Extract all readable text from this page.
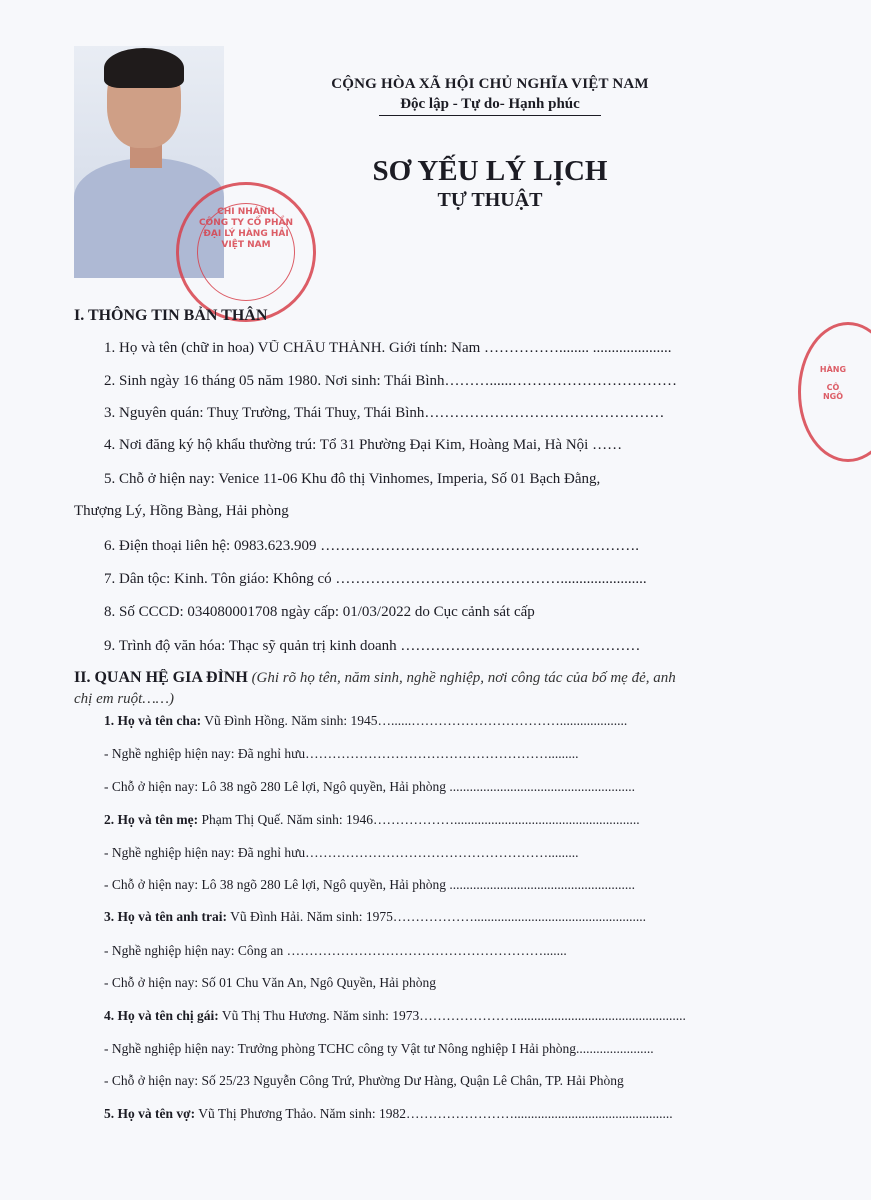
CHI NHÁNH
CÔNG TY CỔ PHẦN
ĐẠI LÝ HÀNG HẢI
VIỆT NAM
HÀNG

CÔ
NGÔ
CỘNG HÒA XÃ HỘI CHỦ NGHĨA VIỆT NAM
Độc lập - Tự do- Hạnh phúc
SƠ YẾU LÝ LỊCH
TỰ THUẬT
I. THÔNG TIN BẢN THÂN
1. Họ và tên (chữ in hoa) VŨ CHÂU THÀNH. Giới tính: Nam ……………........ .....................
2. Sinh ngày 16 tháng 05 năm 1980. Nơi sinh: Thái Bình………......……………………………
3. Nguyên quán: Thuỵ Trường, Thái Thuỵ, Thái Bình…………………………………………
4. Nơi đăng ký hộ khẩu thường trú: Tổ 31 Phường Đại Kim, Hoàng Mai, Hà Nội ……
5. Chỗ ở hiện nay: Venice 11-06 Khu đô thị Vinhomes, Imperia, Số 01 Bạch Đằng,
Thượng Lý, Hồng Bàng, Hải phòng
6. Điện thoại liên hệ: 0983.623.909 ……………………………………………………….
7. Dân tộc: Kinh. Tôn giáo: Không có ……………………………………….......................
8. Số CCCD: 034080001708 ngày cấp: 01/03/2022 do Cục cảnh sát cấp
9. Trình độ văn hóa: Thạc sỹ quản trị kinh doanh …………………………………………
II. QUAN HỆ GIA ĐÌNH (Ghi rõ họ tên, năm sinh, nghề nghiệp, nơi công tác của bố mẹ đẻ, anh
chị em ruột……)
1. Họ và tên cha: Vũ Đình Hồng. Năm sinh: 1945…......……………………………....................
- Nghề nghiệp hiện nay: Đã nghỉ hưu……………………………………………….........
- Chỗ ở hiện nay: Lô 38 ngõ 280 Lê lợi, Ngô quyền, Hải phòng .......................................................
2. Họ và tên mẹ: Phạm Thị Quế. Năm sinh: 1946……………….......................................................
- Nghề nghiệp hiện nay: Đã nghỉ hưu……………………………………………….........
- Chỗ ở hiện nay: Lô 38 ngõ 280 Lê lợi, Ngô quyền, Hải phòng .......................................................
3. Họ và tên anh trai: Vũ Đình Hải. Năm sinh: 1975………………...................................................
- Nghề nghiệp hiện nay: Công an ………………………………………………….......
- Chỗ ở hiện nay: Số 01 Chu Văn An, Ngô Quyền, Hải phòng
4. Họ và tên chị gái: Vũ Thị Thu Hương. Năm sinh: 1973…………………...................................................
- Nghề nghiệp hiện nay: Trưởng phòng TCHC công ty Vật tư Nông nghiệp I Hải phòng.......................
- Chỗ ở hiện nay: Số 25/23 Nguyễn Công Trứ, Phường Dư Hàng, Quận Lê Chân, TP. Hải Phòng
5. Họ và tên vợ: Vũ Thị Phương Thảo. Năm sinh: 1982……………………...............................................
